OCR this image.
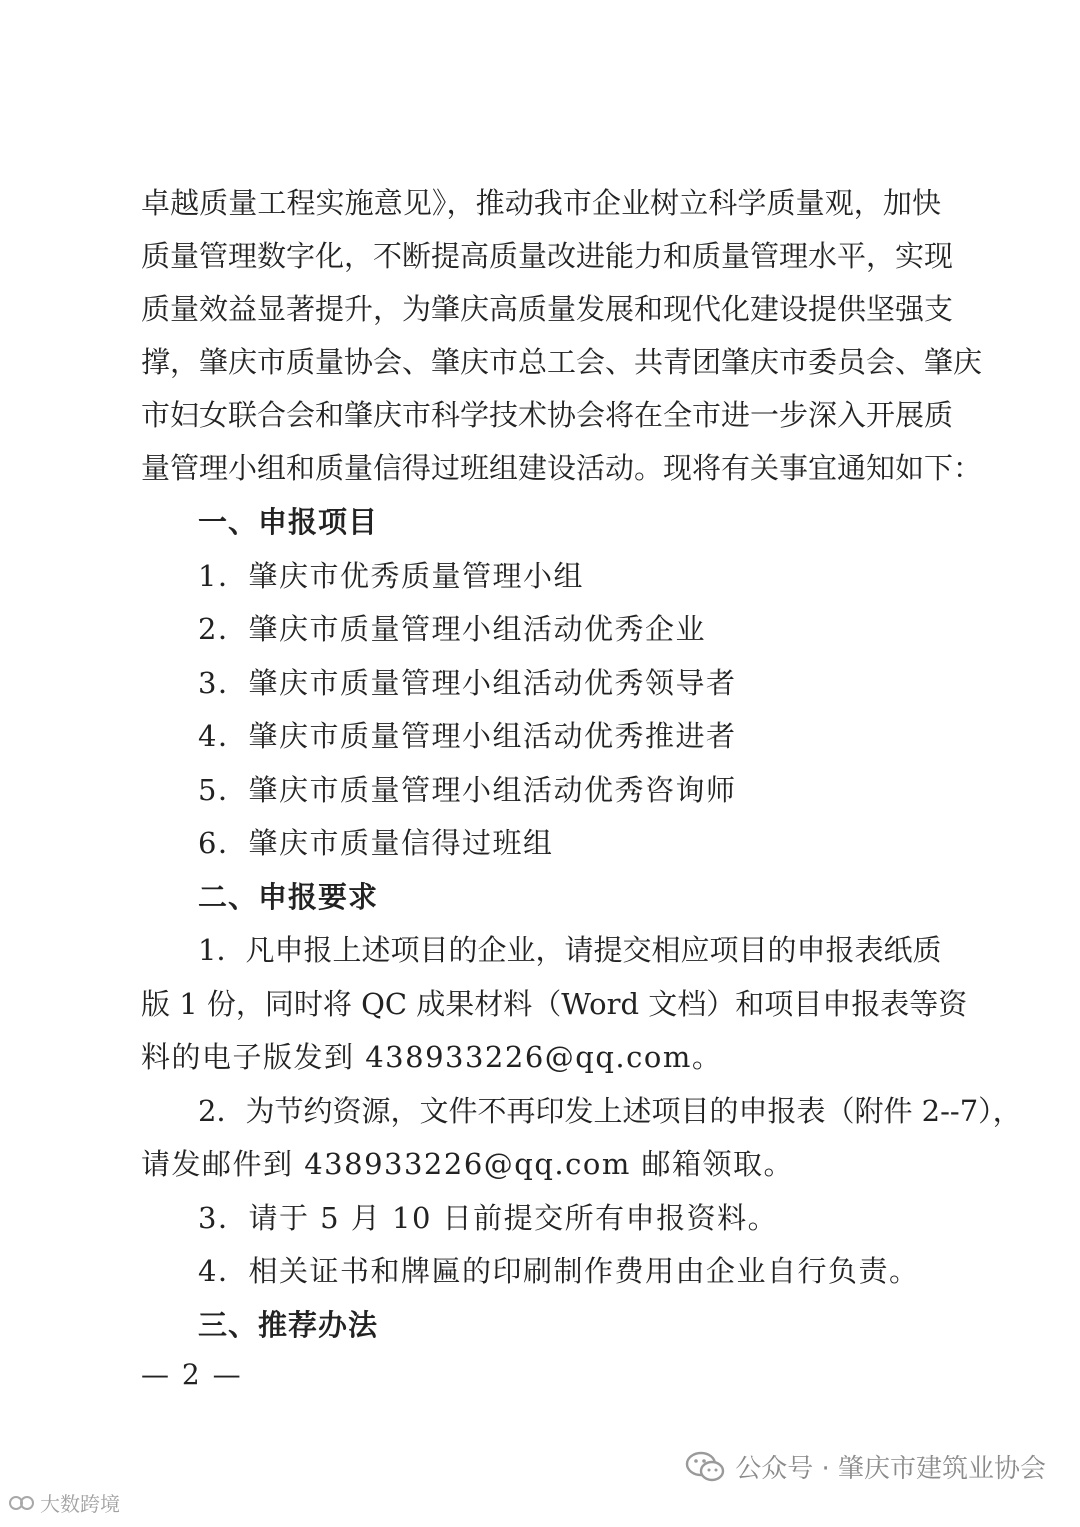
卓越质量工程实施意见》，推动我市企业树立科学质量观，加快
质量管理数字化，不断提高质量改进能力和质量管理水平，实现
质量效益显著提升，为肇庆高质量发展和现代化建设提供坚强支
撑，肇庆市质量协会、肇庆市总工会、共青团肇庆市委员会、肇庆
市妇女联合会和肇庆市科学技术协会将在全市进一步深入开展质
量管理小组和质量信得过班组建设活动。现将有关事宜通知如下：
一、申报项目
1．肇庆市优秀质量管理小组
2．肇庆市质量管理小组活动优秀企业
3．肇庆市质量管理小组活动优秀领导者
4．肇庆市质量管理小组活动优秀推进者
5．肇庆市质量管理小组活动优秀咨询师
6．肇庆市质量信得过班组
二、申报要求
1．凡申报上述项目的企业，请提交相应项目的申报表纸质
版 1 份，同时将 QC 成果材料（Word 文档）和项目申报表等资
料的电子版发到 438933226@qq.com。
2．为节约资源，文件不再印发上述项目的申报表（附件 2--7），
请发邮件到 438933226@qq.com 邮箱领取。
3．请于 5 月 10 日前提交所有申报资料。
4．相关证书和牌匾的印刷制作费用由企业自行负责。
三、推荐办法
— 2 —
公众号 · 肇庆市建筑业协会
大数跨境
